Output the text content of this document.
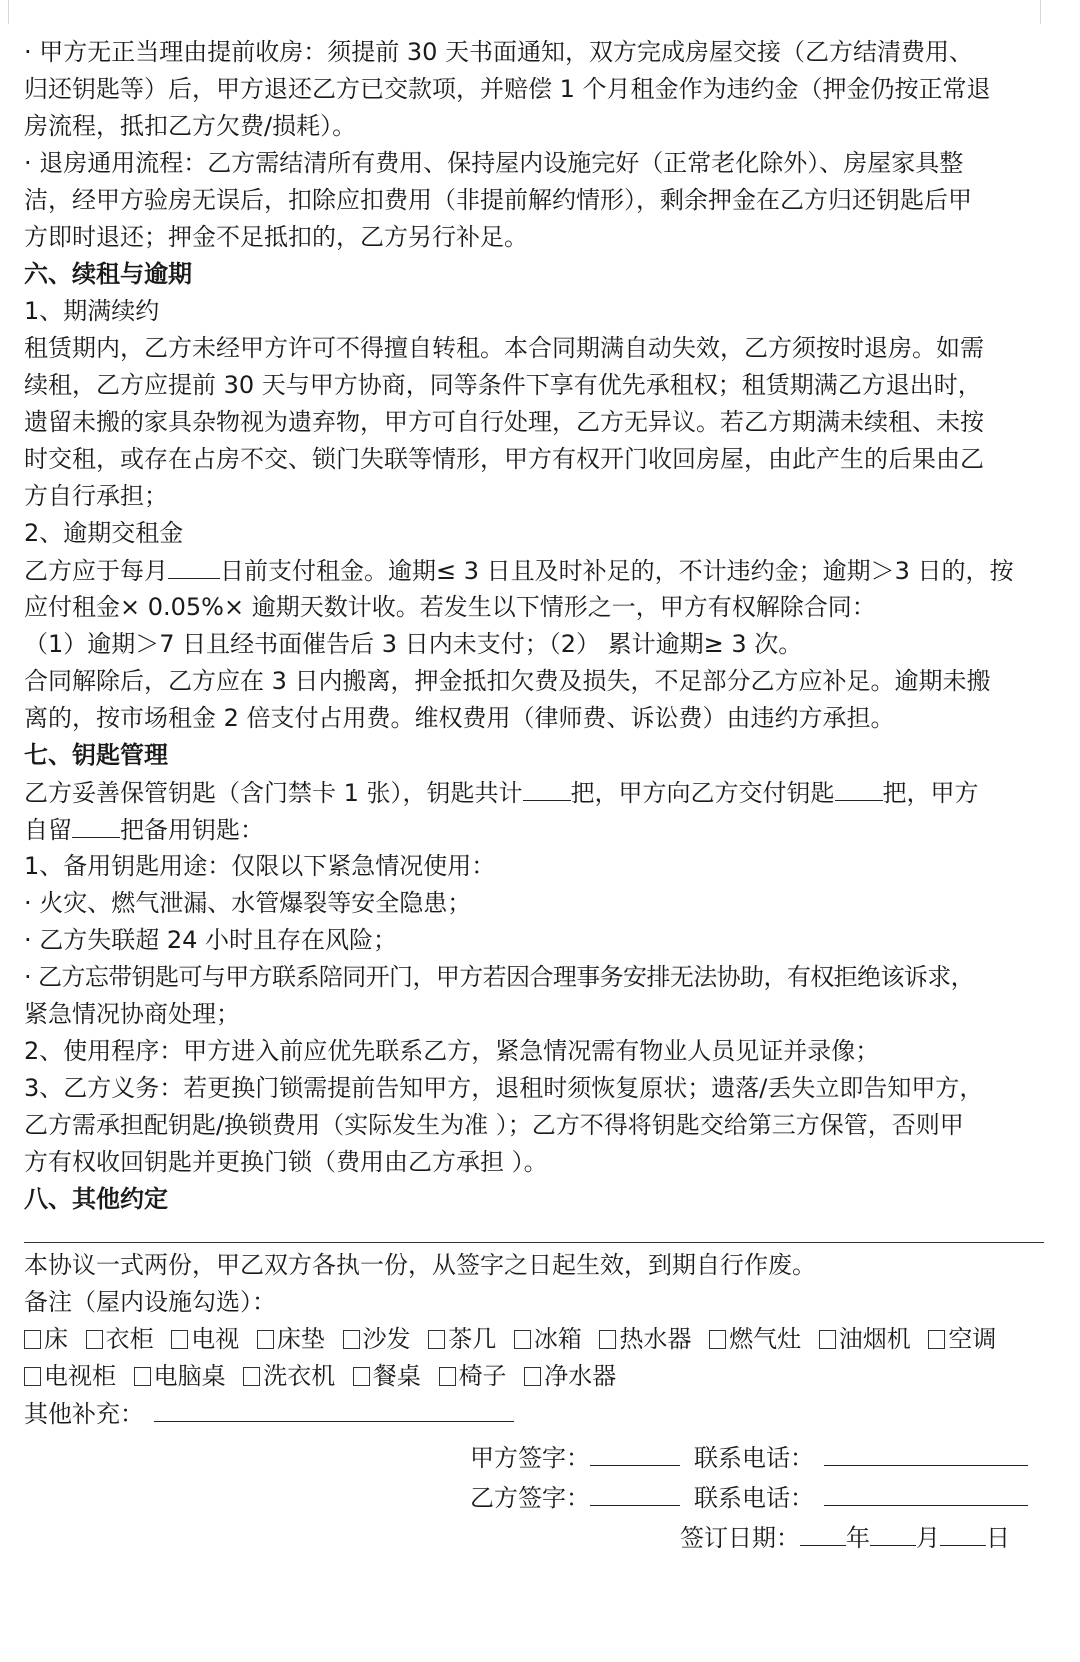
· 甲方无正当理由提前收房：须提前 30 天书面通知，双方完成房屋交接（乙方结清费用、
归还钥匙等）后，甲方退还乙方已交款项，并赔偿 1 个月租金作为违约金（押金仍按正常退
房流程，抵扣乙方欠费/损耗）。
· 退房通用流程：乙方需结清所有费用、保持屋内设施完好（正常老化除外）、房屋家具整
洁，经甲方验房无误后，扣除应扣费用（非提前解约情形），剩余押金在乙方归还钥匙后甲
方即时退还；押金不足抵扣的，乙方另行补足。
六、续租与逾期
1、期满续约
租赁期内，乙方未经甲方许可不得擅自转租。本合同期满自动失效，乙方须按时退房。如需
续租，乙方应提前 30 天与甲方协商，同等条件下享有优先承租权；租赁期满乙方退出时，
遗留未搬的家具杂物视为遗弃物，甲方可自行处理，乙方无异议。若乙方期满未续租、未按
时交租，或存在占房不交、锁门失联等情形，甲方有权开门收回房屋，由此产生的后果由乙
方自行承担；
2、逾期交租金
乙方应于每月 日前支付租金。逾期≤ 3 日且及时补足的，不计违约金；逾期＞3 日的，按
应付租金× 0.05%× 逾期天数计收。若发生以下情形之一，甲方有权解除合同：
（1）逾期＞7 日且经书面催告后 3 日内未支付；（2） 累计逾期≥ 3 次。
合同解除后，乙方应在 3 日内搬离，押金抵扣欠费及损失，不足部分乙方应补足。逾期未搬
离的，按市场租金 2 倍支付占用费。维权费用（律师费、诉讼费）由违约方承担。
七、钥匙管理
乙方妥善保管钥匙（含门禁卡 1 张），钥匙共计 把，甲方向乙方交付钥匙 把，甲方
自留 把备用钥匙：
1、备用钥匙用途：仅限以下紧急情况使用：
· 火灾、燃气泄漏、水管爆裂等安全隐患；
· 乙方失联超 24 小时且存在风险；
· 乙方忘带钥匙可与甲方联系陪同开门，甲方若因合理事务安排无法协助，有权拒绝该诉求，
紧急情况协商处理；
2、使用程序：甲方进入前应优先联系乙方，紧急情况需有物业人员见证并录像；
3、乙方义务：若更换门锁需提前告知甲方，退租时须恢复原状；遗落/丢失立即告知甲方，
乙方需承担配钥匙/换锁费用（实际发生为准 ）；乙方不得将钥匙交给第三方保管，否则甲
方有权收回钥匙并更换门锁（费用由乙方承担 ）。
八、其他约定
本协议一式两份，甲乙双方各执一份，从签字之日起生效，到期自行作废。
备注（屋内设施勾选）：
床 衣柜 电视 床垫 沙发 茶几 冰箱 热水器 燃气灶 油烟机 空调
电视柜 电脑桌 洗衣机 餐桌 椅子 净水器
其他补充：
甲方签字：	联系电话：
乙方签字：	联系电话：
签订日期： 年 月 日
